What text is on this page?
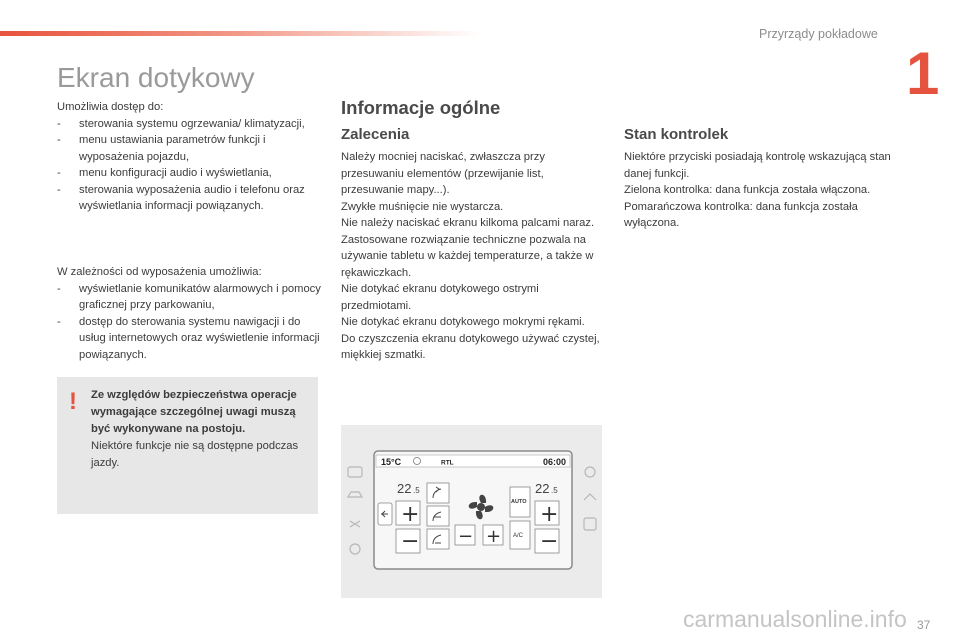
Przyrządy pokładowe
1
Ekran dotykowy
Umożliwia dostęp do:
-	sterowania systemu ogrzewania/ klimatyzacji,
-	menu ustawiania parametrów funkcji i wyposażenia pojazdu,
-	menu konfiguracji audio i wyświetlania,
-	sterowania wyposażenia audio i telefonu oraz wyświetlania informacji powiązanych.
W zależności od wyposażenia umożliwia:
-	wyświetlanie komunikatów alarmowych i pomocy graficznej przy parkowaniu,
-	dostęp do sterowania systemu nawigacji i do usług internetowych oraz wyświetlenie informacji powiązanych.
! Ze względów bezpieczeństwa operacje wymagające szczególnej uwagi muszą być wykonywane na postoju.
Niektóre funkcje nie są dostępne podczas jazdy.
Informacje ogólne
Zalecenia
Należy mocniej naciskać, zwłaszcza przy przesuwaniu elementów (przewijanie list, przesuwanie mapy...).
Zwykłe muśnięcie nie wystarcza.
Nie należy naciskać ekranu kilkoma palcami naraz.
Zastosowane rozwiązanie techniczne pozwala na używanie tabletu w każdej temperaturze, a także w rękawiczkach.
Nie dotykać ekranu dotykowego ostrymi przedmiotami.
Nie dotykać ekranu dotykowego mokrymi rękami.
Do czyszczenia ekranu dotykowego używać czystej, miękkiej szmatki.
Stan kontrolek
Niektóre przyciski posiadają kontrolę wskazującą stan danej funkcji.
Zielona kontrolka: dana funkcja została włączona.
Pomarańczowa kontrolka: dana funkcja została wyłączona.
15°C	RTL	06:00
22 .5	22 .5
+
− − +
AUTO
A/C
+
−
carmanualsonline.info 37
